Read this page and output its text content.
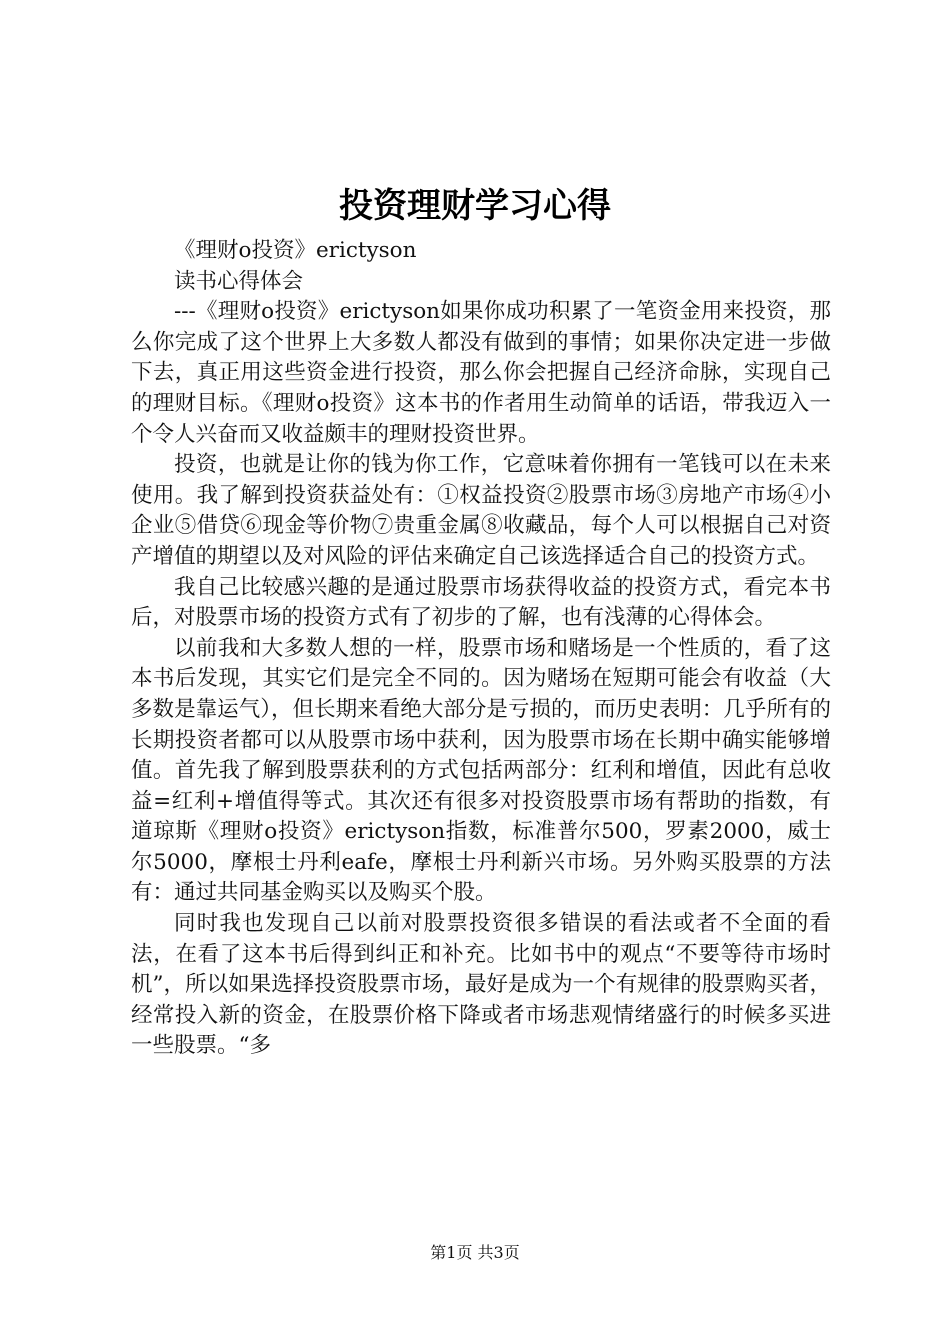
投资理财学习心得

《理财o投资》erictyson

读书心得体会

---《理财o投资》erictyson如果你成功积累了一笔资金用来投资，那么你完成了这个世界上大多数人都没有做到的事情；如果你决定进一步做下去，真正用这些资金进行投资，那么你会把握自己经济命脉，实现自己的理财目标。《理财o投资》这本书的作者用生动简单的话语，带我迈入一个令人兴奋而又收益颇丰的理财投资世界。

投资，也就是让你的钱为你工作，它意味着你拥有一笔钱可以在未来使用。我了解到投资获益处有：①权益投资②股票市场③房地产市场④小企业⑤借贷⑥现金等价物⑦贵重金属⑧收藏品，每个人可以根据自己对资产增值的期望以及对风险的评估来确定自己该选择适合自己的投资方式。

我自己比较感兴趣的是通过股票市场获得收益的投资方式，看完本书后，对股票市场的投资方式有了初步的了解，也有浅薄的心得体会。

以前我和大多数人想的一样，股票市场和赌场是一个性质的，看了这本书后发现，其实它们是完全不同的。因为赌场在短期可能会有收益（大多数是靠运气），但长期来看绝大部分是亏损的，而历史表明：几乎所有的长期投资者都可以从股票市场中获利，因为股票市场在长期中确实能够增值。首先我了解到股票获利的方式包括两部分：红利和增值，因此有总收益=红利+增值得等式。其次还有很多对投资股票市场有帮助的指数，有道琼斯《理财o投资》erictyson指数，标准普尔500，罗素2000，威士尔5000，摩根士丹利eafe，摩根士丹利新兴市场。另外购买股票的方法有：通过共同基金购买以及购买个股。

同时我也发现自己以前对股票投资很多错误的看法或者不全面的看法，在看了这本书后得到纠正和补充。比如书中的观点“不要等待市场时机”，所以如果选择投资股票市场，最好是成为一个有规律的股票购买者，经常投入新的资金，在股票价格下降或者市场悲观情绪盛行的时候多买进一些股票。“多

第1页 共3页
